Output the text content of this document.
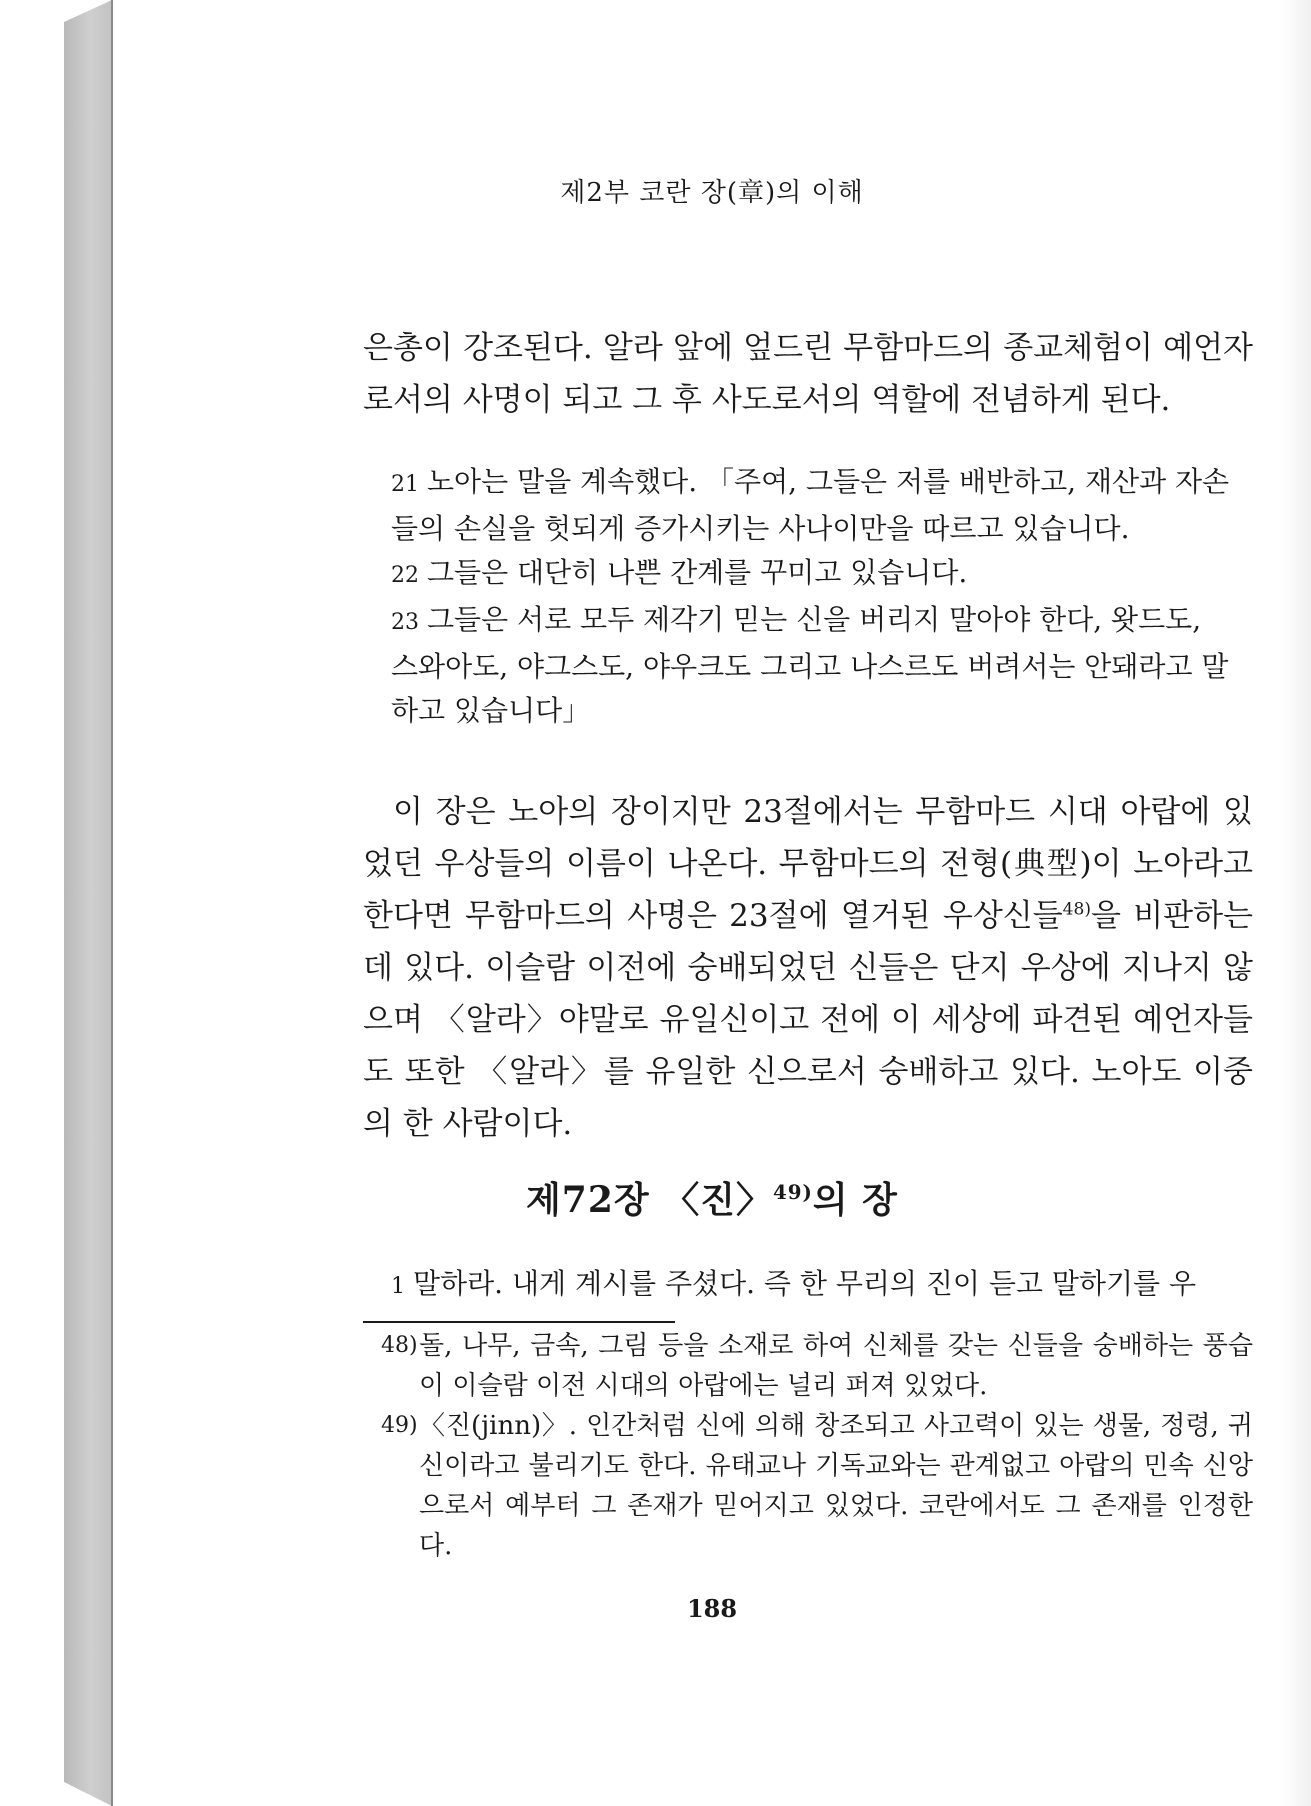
제2부 코란 장(章)의 이해

은총이 강조된다. 알라 앞에 엎드린 무함마드의 종교체험이 예언자로서의 사명이 되고 그 후 사도로서의 역할에 전념하게 된다.

21 노아는 말을 계속했다. 「주여, 그들은 저를 배반하고, 재산과 자손들의 손실을 헛되게 증가시키는 사나이만을 따르고 있습니다.
22 그들은 대단히 나쁜 간계를 꾸미고 있습니다.
23 그들은 서로 모두 제각기 믿는 신을 버리지 말아야 한다, 왓드도, 스와아도, 야그스도, 야우크도 그리고 나스르도 버려서는 안돼라고 말하고 있습니다」

이 장은 노아의 장이지만 23절에서는 무함마드 시대 아랍에 있었던 우상들의 이름이 나온다. 무함마드의 전형(典型)이 노아라고 한다면 무함마드의 사명은 23절에 열거된 우상신들$^{48)}$을 비판하는 데 있다. 이슬람 이전에 숭배되었던 신들은 단지 우상에 지나지 않으며 〈알라〉야말로 유일신이고 전에 이 세상에 파견된 예언자들도 또한 〈알라〉를 유일한 신으로서 숭배하고 있다. 노아도 이중의 한 사람이다.

제72장 〈진〉$^{49)}$의 장

1 말하라. 내게 계시를 주셨다. 즉 한 무리의 진이 듣고 말하기를 우

48) 돌, 나무, 금속, 그림 등을 소재로 하여 신체를 갖는 신들을 숭배하는 풍습이 이슬람 이전 시대의 아랍에는 널리 퍼져 있었다.
49) 〈진(jinn)〉. 인간처럼 신에 의해 창조되고 사고력이 있는 생물, 정령, 귀신이라고 불리기도 한다. 유태교나 기독교와는 관계없고 아랍의 민속 신앙으로서 예부터 그 존재가 믿어지고 있었다. 코란에서도 그 존재를 인정한다.
188
